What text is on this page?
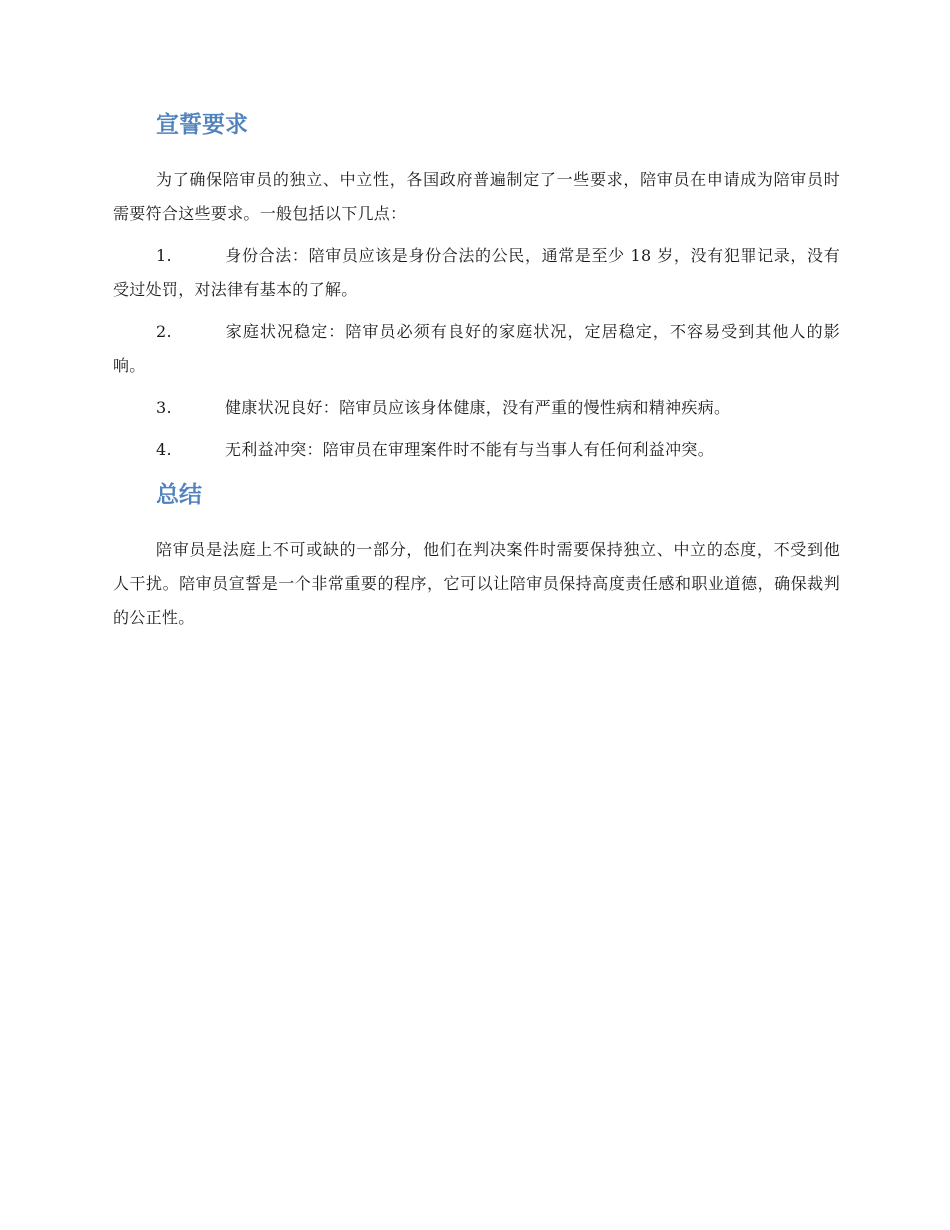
宣誓要求

为了确保陪审员的独立、中立性，各国政府普遍制定了一些要求，陪审员在申请成为陪审员时需要符合这些要求。一般包括以下几点：

1.	身份合法：陪审员应该是身份合法的公民，通常是至少 18 岁，没有犯罪记录，没有受过处罚，对法律有基本的了解。
2.	家庭状况稳定：陪审员必须有良好的家庭状况，定居稳定，不容易受到其他人的影响。
3.	健康状况良好：陪审员应该身体健康，没有严重的慢性病和精神疾病。
4.	无利益冲突：陪审员在审理案件时不能有与当事人有任何利益冲突。
总结

陪审员是法庭上不可或缺的一部分，他们在判决案件时需要保持独立、中立的态度，不受到他人干扰。陪审员宣誓是一个非常重要的程序，它可以让陪审员保持高度责任感和职业道德，确保裁判的公正性。
